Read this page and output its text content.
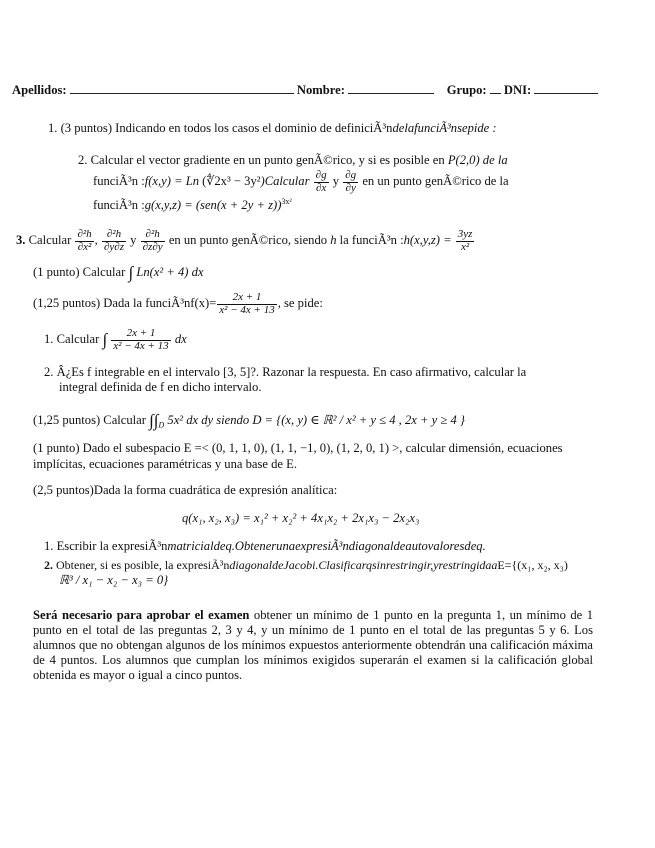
Apellidos:	Nombre:	Grupo: DNI:
1. (3 puntos) Indicando en todos los casos el dominio de definiciÃ³ndelafunciÃ³nsepide :
2. Calcular el vector gradiente en un punto genÃ©rico, y si es posible en P(2,0) de la
funciÃ³n :f(x,y) = Ln (∜2x³ − 3y²)Calcular $\frac{\partial g}{\partial x}$ y $\frac{\partial g}{\partial y}$ en un punto genÃ©rico de la
funciÃ³n :g(x,y,z) = $(sen(x + 2y + z))^{3x^2}$
3. Calcular $\frac{\text{∂²h}}{\text{∂x²}}$ , $\frac{\text{∂²h}}{\partial y\partial z}$ y $\frac{\text{∂²h}}{\partial z\partial y}$ en un punto genÃ©rico, siendo h la funciÃ³n :h(x,y,z) = $\frac{3yz}{\text{x²}}$
(1 punto) Calcular ∫ Ln(x² + 4) dx
(1,25 puntos) Dada la funciÃ³nf(x)= $\frac{2x + 1}{\text{x² − 4x + 13}}$ , se pide:
1. Calcular ∫ $\frac{2x + 1}{\text{x² − 4x + 13}}$ dx
2. Â¿Es f integrable en el intervalo [3, 5]?. Razonar la respuesta. En caso afirmativo, calcular la
integral definida de f en dicho intervalo.
(1,25 puntos) Calcular $\int\int_D$ 5x² dx dy siendo D = {(x, y) ∈ ℝ² / x² + y ≤ 4 , 2x + y ≥ 4 }
(1 punto) Dado el subespacio E =< (0, 1, 1, 0), (1, 1, −1, 0), (1, 2, 0, 1) >, calcular dimensión, ecuaciones
implícitas, ecuaciones paramétricas y una base de E.
(2,5 puntos)Dada la forma cuadrática de expresión analítica:
q(x₁, x₂, x₃) = x₁² + x₂² + 4x₁x₂ + 2x₁x₃ − 2x₂x₃
1. Escribir la expresiÃ³nmatricialdeq.ObtenerunaexpresiÃ³ndiagonaldeautovaloresdeq.
2. Obtener, si es posible, la expresiÃ³ndiagonaldeJacobi.Clasificarqsinrestringir,yrestringidaaE={(x₁, x₂, x₃)
ℝ³ / x₁ − x₂ − x₃ = 0}
Será necesario para aprobar el examen obtener un mínimo de 1 punto en la pregunta 1, un mínimo de 1 punto en el total de las preguntas 2, 3 y 4, y un mínimo de 1 punto en el total de las preguntas 5 y 6. Los alumnos que no obtengan algunos de los mínimos expuestos anteriormente obtendrán una calificación máxima de 4 puntos. Los alumnos que cumplan los mínimos exigidos superarán el examen si la calificación global obtenida es mayor o igual a cinco puntos.
